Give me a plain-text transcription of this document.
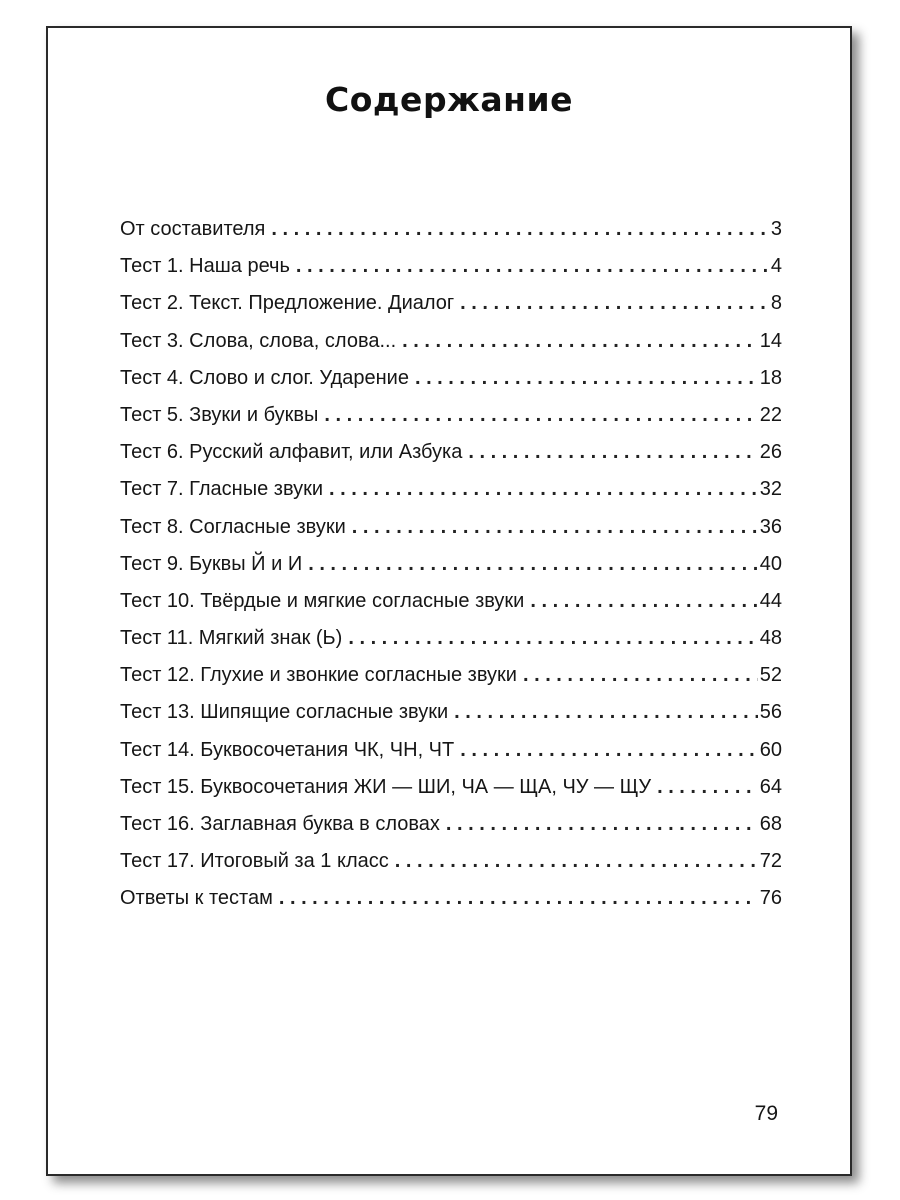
Содержание
От составителя . . .	3
Тест 1. Наша речь . . .	4
Тест 2. Текст. Предложение. Диалог . . .	8
Тест 3. Слова, слова, слова... . . .	14
Тест 4. Слово и слог. Ударение . . .	18
Тест 5. Звуки и буквы . . .	22
Тест 6. Русский алфавит, или Азбука . . .	26
Тест 7. Гласные звуки . . .	32
Тест 8. Согласные звуки . . .	36
Тест 9. Буквы Й и И . . .	40
Тест 10. Твёрдые и мягкие согласные звуки . . .	44
Тест 11. Мягкий знак (Ь) . . .	48
Тест 12. Глухие и звонкие согласные звуки . . .	52
Тест 13. Шипящие согласные звуки . . .	56
Тест 14. Буквосочетания ЧК, ЧН, ЧТ . . .	60
Тест 15. Буквосочетания ЖИ — ШИ, ЧА — ЩА, ЧУ — ЩУ . . .	64
Тест 16. Заглавная буква в словах . . .	68
Тест 17. Итоговый за 1 класс . . .	72
Ответы к тестам . . .	76

79
